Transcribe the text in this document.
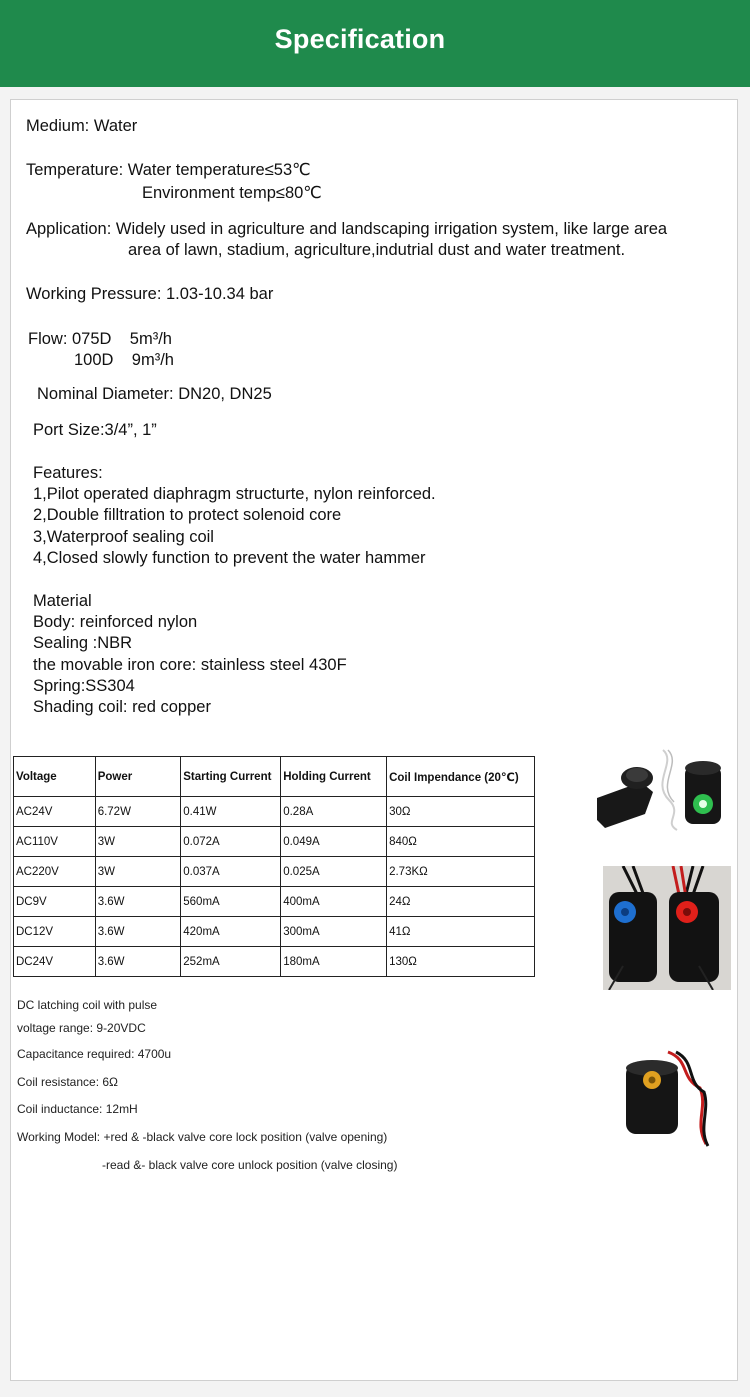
Specification
Medium: Water
Temperature: Water temperature≤53℃
Environment temp≤80℃
Application: Widely used in agriculture and landscaping irrigation system, like large area
area of lawn, stadium, agriculture,indutrial dust and water treatment.
Working Pressure: 1.03-10.34 bar
Flow: 075D    5m³/h
100D    9m³/h
Nominal Diameter: DN20, DN25
Port Size:3/4”, 1”
Features:
1,Pilot operated diaphragm structurte, nylon reinforced.
2,Double filltration to protect solenoid core
3,Waterproof sealing coil
4,Closed slowly function to prevent the water hammer
Material
Body: reinforced nylon
Sealing :NBR
the movable iron core: stainless steel 430F
Spring:SS304
Shading coil: red copper
Voltage	Power	Starting Current	Holding Current	Coil Impendance (20℃)
AC24V	6.72W	0.41W	0.28A	30Ω
AC110V	3W	0.072A	0.049A	840Ω
AC220V	3W	0.037A	0.025A	2.73KΩ
DC9V	3.6W	560mA	400mA	24Ω
DC12V	3.6W	420mA	300mA	41Ω
DC24V	3.6W	252mA	180mA	130Ω
DC latching coil with pulse
voltage range: 9-20VDC
Capacitance required: 4700u
Coil resistance: 6Ω
Coil inductance: 12mH
Working Model: +red & -black valve core lock position (valve opening)
-read &- black valve core unlock position (valve closing)
